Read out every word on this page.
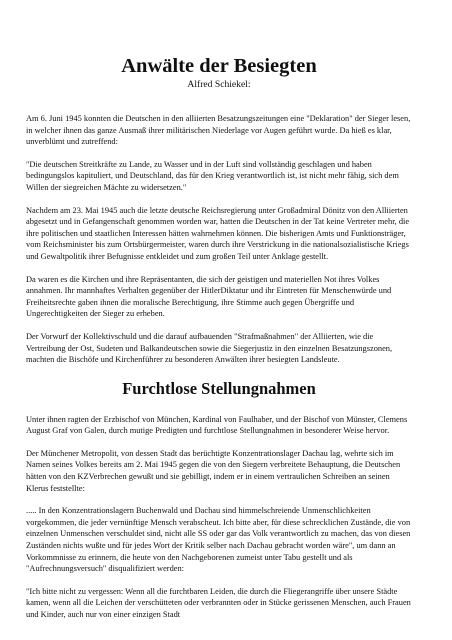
Anwälte der Besiegten
Alfred Schiekel:

Am 6. Juni 1945 konnten die Deutschen in den alliierten Besatzungszeitungen eine "Deklaration" der Sieger lesen, in welcher ihnen das ganze Ausmaß ihrer militärischen Niederlage vor Augen geführt wurde. Da hieß es klar, unverblümt und zutreffend:

"Die deutschen Streitkräfte zu Lande, zu Wasser und in der Luft sind vollständig geschlagen und haben bedingungslos kapituliert, und Deutschland, das für den Krieg verantwortlich ist, ist nicht mehr fähig, sich dem Willen der siegreichen Mächte zu widersetzen."

Nachdem am 23. Mai 1945 auch die letzte deutsche Reichsregierung unter Großadmiral Dönitz von den Alliierten abgesetzt und in Gefangenschaft genommen worden war, hatten die Deutschen in der Tat keine Vertreter mehr, die ihre politischen und staatlichen Interessen hätten wahrnehmen können. Die bisherigen Amts und Funktionsträger, vom Reichsminister bis zum Ortsbürgermeister, waren durch ihre Verstrickung in die nationalsozialistische Kriegs und Gewaltpolitik ihrer Befugnisse entkleidet und zum großen Teil unter Anklage gestellt.

Da waren es die Kirchen und ihre Repräsentanten, die sich der geistigen und materiellen Not ihres Volkes annahmen. Ihr mannhaftes Verhalten gegenüber der HitlerDiktatur und ihr Eintreten für Menschenwürde und Freiheitsrechte gaben ihnen die moralische Berechtigung, ihre Stimme auch gegen Übergriffe und Ungerechtigkeiten der Sieger zu erheben.

Der Vorwurf der Kollektivschuld und die darauf aufbauenden "Strafmaßnahmen" der Alliierten, wie die Vertreibung der Ost, Sudeten und Balkandeutschen sowie die Siegerjustiz in den einzelnen Besatzungszonen, machten die Bischöfe und Kirchenführer zu besonderen Anwälten ihrer besiegten Landsleute.

Furchtlose Stellungnahmen

Unter ihnen ragten der Erzbischof von München, Kardinal von Faulhaber, und der Bischof von Münster, Clemens August Graf von Galen, durch mutige Predigten und furchtlose Stellungnahmen in besonderer Weise hervor.

Der Münchener Metropolit, von dessen Stadt das berüchtigte Konzentrationslager Dachau lag, wehrte sich im Namen seines Volkes bereits am 2. Mai 1945 gegen die von den Siegern verbreitete Behauptung, die Deutschen hätten von den KZVerbrechen gewußt und sie gebilligt, indem er in einem vertraulichen Schreiben an seinen Klerus feststellte:

..... In den Konzentrationslagern Buchenwald und Dachau sind himmelschreiende Unmenschlichkeiten vorgekommen, die jeder vernünftige Mensch verabscheut. Ich bitte aber, für diese schrecklichen Zustände, die von einzelnen Unmenschen verschuldet sind, nicht alle SS oder gar das Volk verantwortlich zu machen, das von diesen Zuständen nichts wußte und für jedes Wort der Kritik selber nach Dachau gebracht worden wäre", um dann an Vorkommnisse zu erinnern, die heute von den Nachgeborenen zumeist unter Tabu gestellt und als "Aufrechnungsversuch" disqualifiziert werden:

"Ich bitte nicht zu vergessen: Wenn all die furchtbaren Leiden, die durch die Fliegerangriffe über unsere Städte kamen, wenn all die Leichen der verschütteten oder verbrannten oder in Stücke gerissenen Menschen, auch Frauen und Kinder, auch nur von einer einzigen Stadt
